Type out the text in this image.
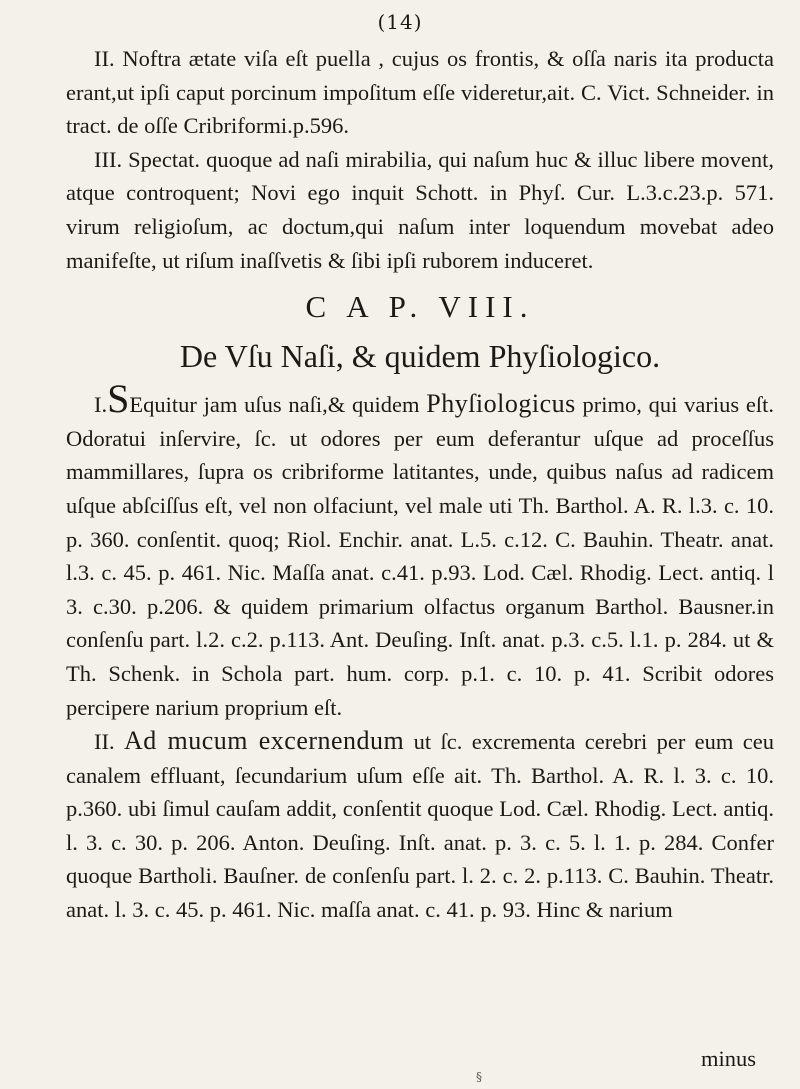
(14)

II. Noftra ætate viſa eſt puella , cujus os frontis, & oſſa naris ita producta erant,ut ipſi caput porcinum impoſitum eſſe videretur,ait. C. Vict. Schneider. in tract. de oſſe Cribriformi.p.596.

III. Spectat. quoque ad naſi mirabilia, qui naſum huc & illuc libere movent, atque controquent; Novi ego inquit Schott. in Phyſ. Cur. L.3.c.23.p. 571. virum religioſum, ac doctum,qui naſum inter loquendum movebat adeo manifeſte, ut riſum inaſſvetis & ſibi ipſi ruborem induceret.

C A P. VIII.
De Vſu Naſi, & quidem Phyſiologico.

I.SEquitur jam uſus naſi,& quidem Phyſiologicus primo, qui varius eſt. Odoratui inſervire, ſc. ut odores per eum deferantur uſque ad proceſſus mammillares, ſupra os cribriforme latitantes, unde, quibus naſus ad radicem uſque abſciſſus eſt, vel non olfaciunt, vel male uti Th. Barthol. A. R. l.3. c. 10. p. 360. conſentit. quoq; Riol. Enchir. anat. L.5. c.12. C. Bauhin. Theatr. anat. l.3. c. 45. p. 461. Nic. Maſſa anat. c.41. p.93. Lod. Cæl. Rhodig. Lect. antiq. l 3. c.30. p.206. & quidem primarium olfactus organum Barthol. Bausner.in conſenſu part. l.2. c.2. p.113. Ant. Deuſing. Inſt. anat. p.3. c.5. l.1. p. 284. ut & Th. Schenk. in Schola part. hum. corp. p.1. c. 10. p. 41. Scribit odores percipere narium proprium eſt.

II. Ad mucum excernendum ut ſc. excrementa cerebri per eum ceu canalem effluant, ſecundarium uſum eſſe ait. Th. Barthol. A. R. l. 3. c. 10. p.360. ubi ſimul cauſam addit, conſentit quoque Lod. Cæl. Rhodig. Lect. antiq. l. 3. c. 30. p. 206. Anton. Deuſing. Inſt. anat. p. 3. c. 5. l. 1. p. 284. Confer quoque Bartholi. Bauſner. de conſenſu part. l. 2. c. 2. p.113. C. Bauhin. Theatr. anat. l. 3. c. 45. p. 461. Nic. maſſa anat. c. 41. p. 93. Hinc & narium

minus
§
